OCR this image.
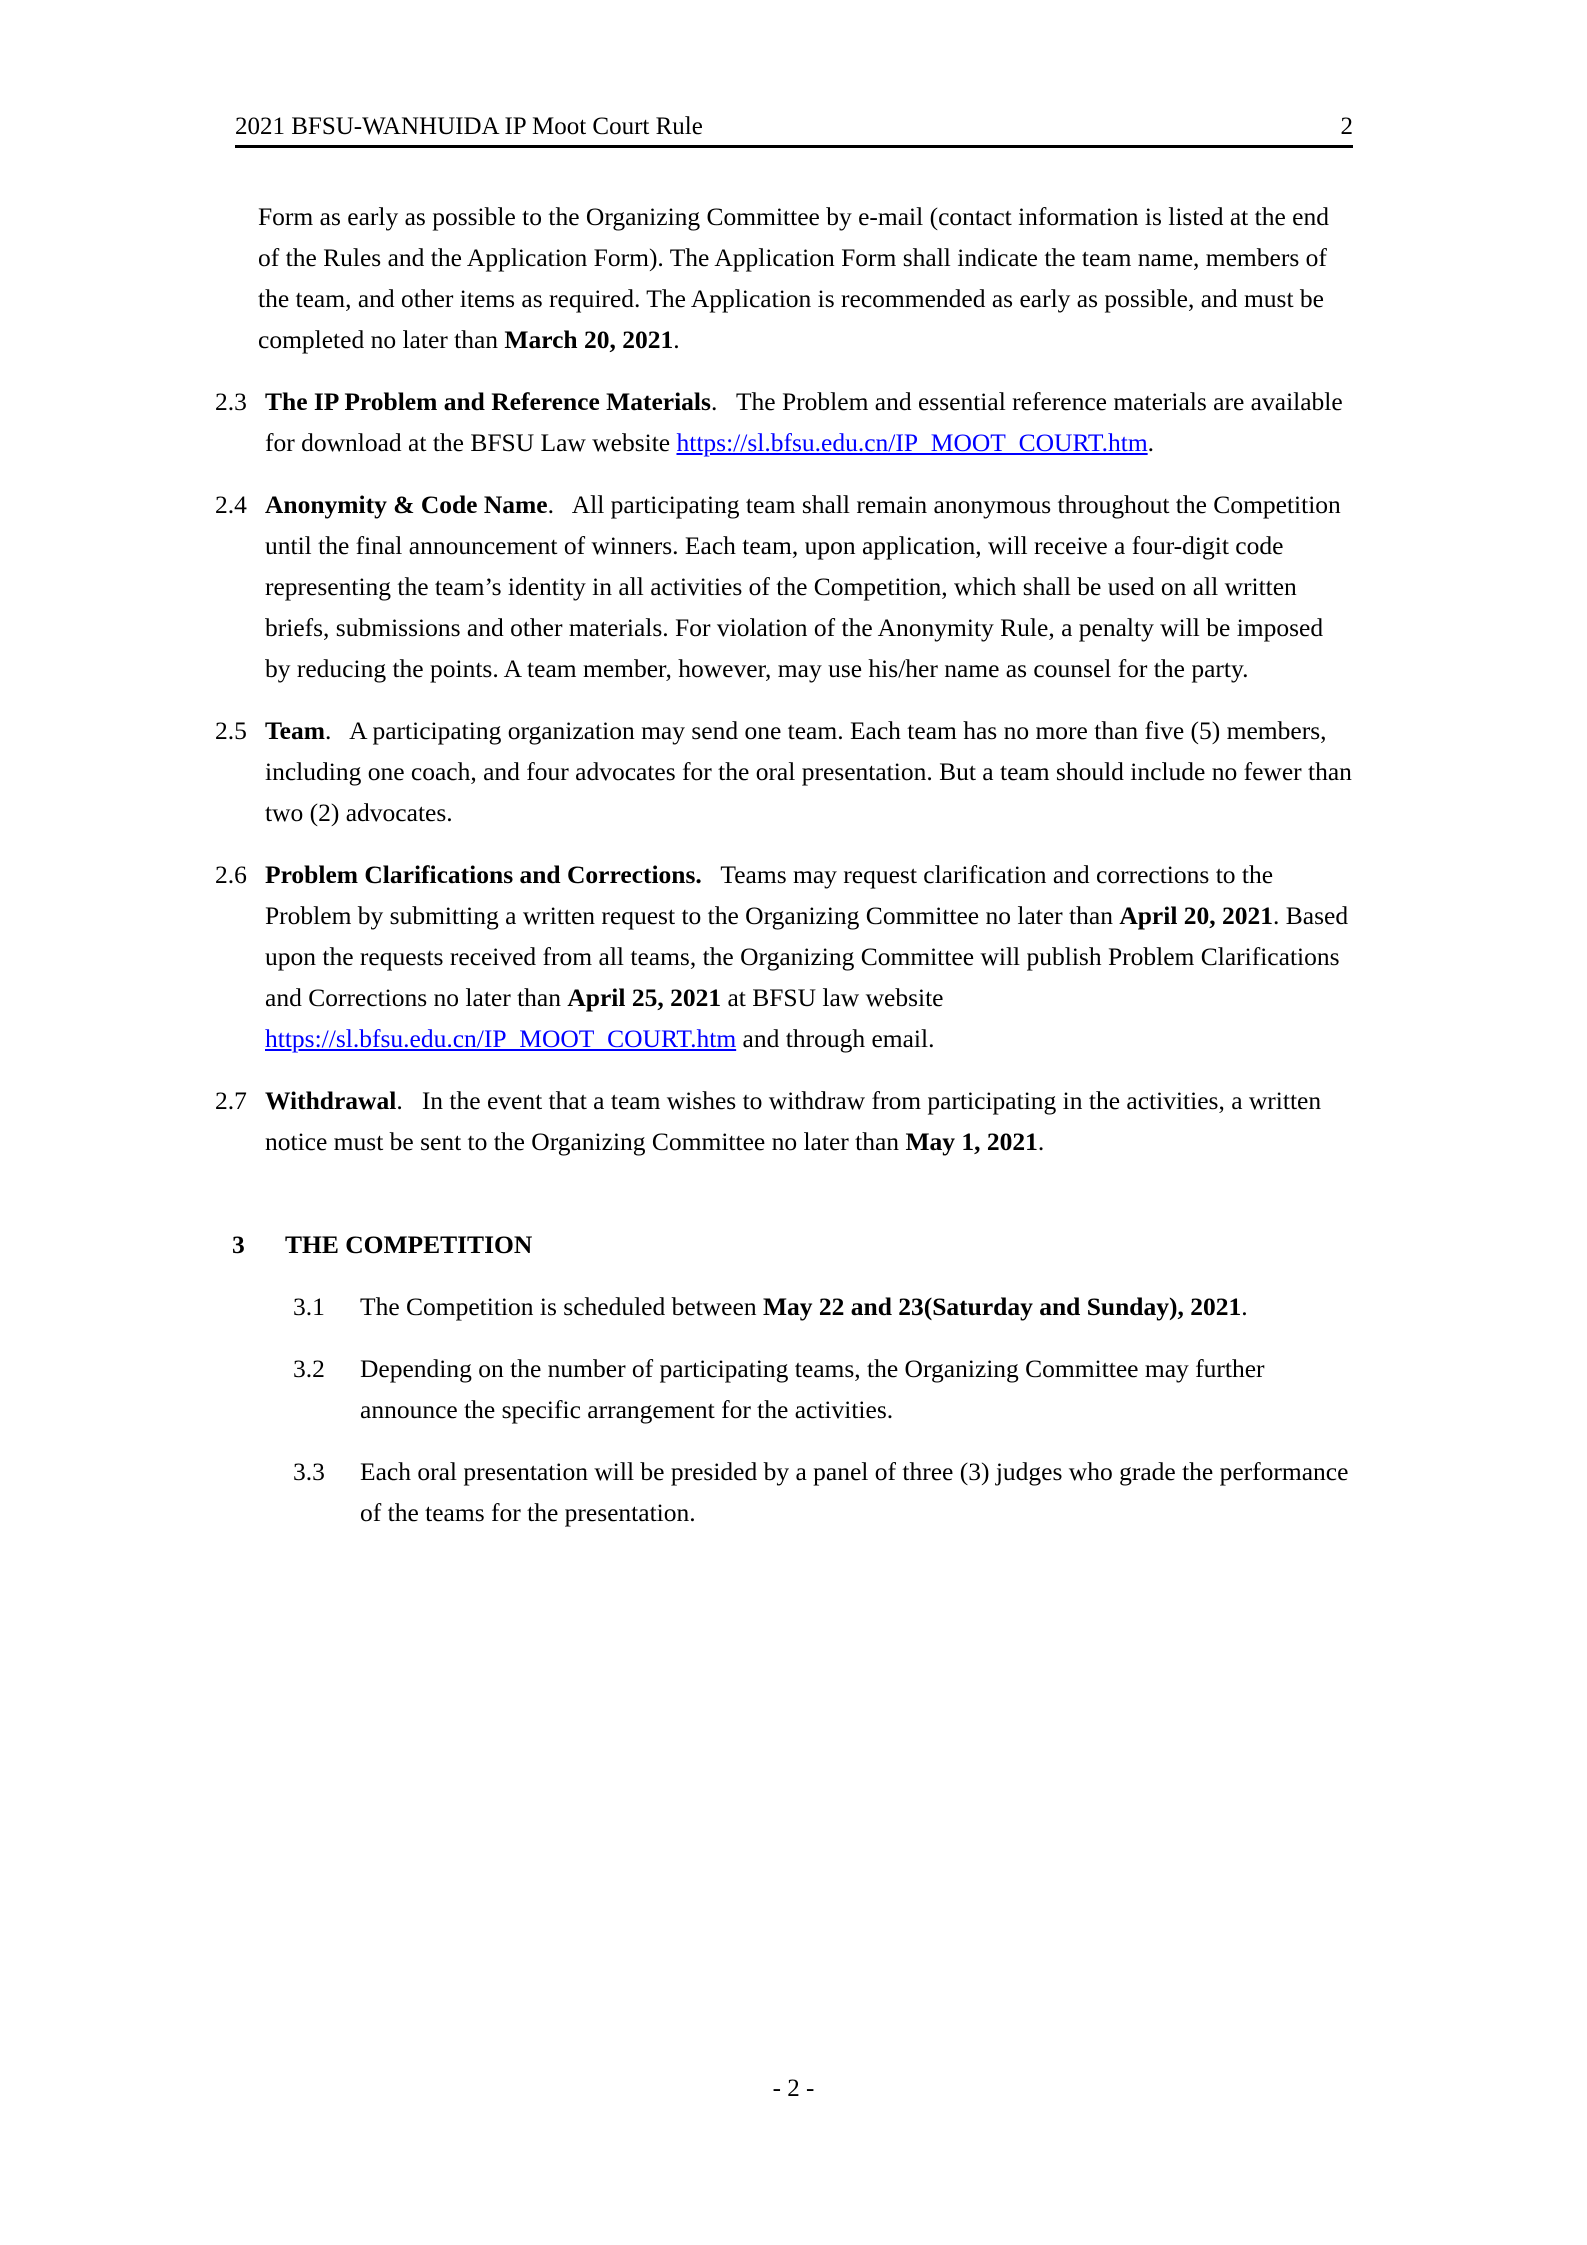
2021 BFSU-WANHUIDA IP Moot Court Rule	2
Form as early as possible to the Organizing Committee by e-mail (contact information is listed at the end of the Rules and the Application Form). The Application Form shall indicate the team name, members of the team, and other items as required. The Application is recommended as early as possible, and must be completed no later than March 20, 2021.
2.3 The IP Problem and Reference Materials.   The Problem and essential reference materials are available for download at the BFSU Law website https://sl.bfsu.edu.cn/IP_MOOT_COURT.htm.
2.4 Anonymity & Code Name.   All participating team shall remain anonymous throughout the Competition until the final announcement of winners. Each team, upon application, will receive a four-digit code representing the team’s identity in all activities of the Competition, which shall be used on all written briefs, submissions and other materials. For violation of the Anonymity Rule, a penalty will be imposed by reducing the points. A team member, however, may use his/her name as counsel for the party.
2.5 Team.   A participating organization may send one team. Each team has no more than five (5) members, including one coach, and four advocates for the oral presentation. But a team should include no fewer than two (2) advocates.
2.6 Problem Clarifications and Corrections.   Teams may request clarification and corrections to the Problem by submitting a written request to the Organizing Committee no later than April 20, 2021. Based upon the requests received from all teams, the Organizing Committee will publish Problem Clarifications and Corrections no later than April 25, 2021 at BFSU law website https://sl.bfsu.edu.cn/IP_MOOT_COURT.htm and through email.
2.7 Withdrawal.   In the event that a team wishes to withdraw from participating in the activities, a written notice must be sent to the Organizing Committee no later than May 1, 2021.
3	THE COMPETITION
3.1	The Competition is scheduled between May 22 and 23(Saturday and Sunday), 2021.
3.2	Depending on the number of participating teams, the Organizing Committee may further announce the specific arrangement for the activities.
3.3	Each oral presentation will be presided by a panel of three (3) judges who grade the performance of the teams for the presentation.
- 2 -
